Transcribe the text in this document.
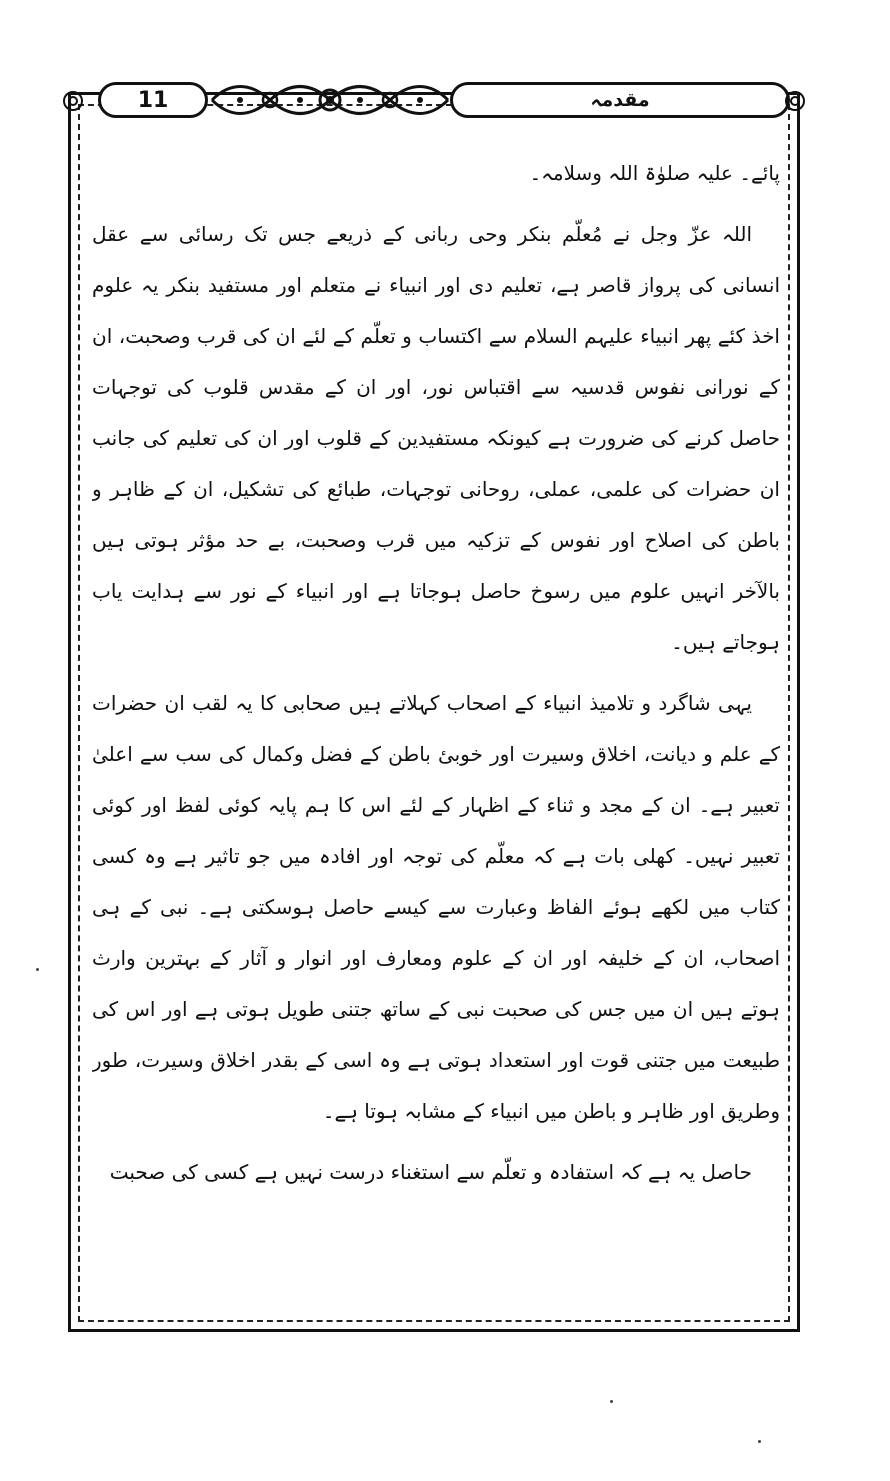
11	مقدمہ

پائے۔ علیہ صلوٰۃ اللہ وسلامہ۔

اللہ عزّ وجل نے مُعلّم بنکر وحی ربانی کے ذریعے جس تک رسائی سے عقل انسانی کی پرواز قاصر ہے، تعلیم دی اور انبیاء نے متعلم اور مستفید بنکر یہ علوم اخذ کئے پھر انبیاء علیہم السلام سے اکتساب و تعلّم کے لئے ان کی قرب وصحبت، ان کے نورانی نفوس قدسیہ سے اقتباس نور، اور ان کے مقدس قلوب کی توجہات حاصل کرنے کی ضرورت ہے کیونکہ مستفیدین کے قلوب اور ان کی تعلیم کی جانب ان حضرات کی علمی، عملی، روحانی توجہات، طبائع کی تشکیل، ان کے ظاہر و باطن کی اصلاح اور نفوس کے تزکیہ میں قرب وصحبت، بے حد مؤثر ہوتی ہیں بالآخر انہیں علوم میں رسوخ حاصل ہوجاتا ہے اور انبیاء کے نور سے ہدایت یاب ہوجاتے ہیں۔

یہی شاگرد و تلامیذ انبیاء کے اصحاب کہلاتے ہیں صحابی کا یہ لقب ان حضرات کے علم و دیانت، اخلاق وسیرت اور خوبیٔ باطن کے فضل وکمال کی سب سے اعلیٰ تعبیر ہے۔ ان کے مجد و ثناء کے اظہار کے لئے اس کا ہم پایہ کوئی لفظ اور کوئی تعبیر نہیں۔ کھلی بات ہے کہ معلّم کی توجہ اور افادہ میں جو تاثیر ہے وہ کسی کتاب میں لکھے ہوئے الفاظ وعبارت سے کیسے حاصل ہوسکتی ہے۔ نبی کے ہی اصحاب، ان کے خلیفہ اور ان کے علوم ومعارف اور انوار و آثار کے بہترین وارث ہوتے ہیں ان میں جس کی صحبت نبی کے ساتھ جتنی طویل ہوتی ہے اور اس کی طبیعت میں جتنی قوت اور استعداد ہوتی ہے وہ اسی کے بقدر اخلاق وسیرت، طور وطریق اور ظاہر و باطن میں انبیاء کے مشابہ ہوتا ہے۔

حاصل یہ ہے کہ استفادہ و تعلّم سے استغناء درست نہیں ہے کسی کی صحبت
